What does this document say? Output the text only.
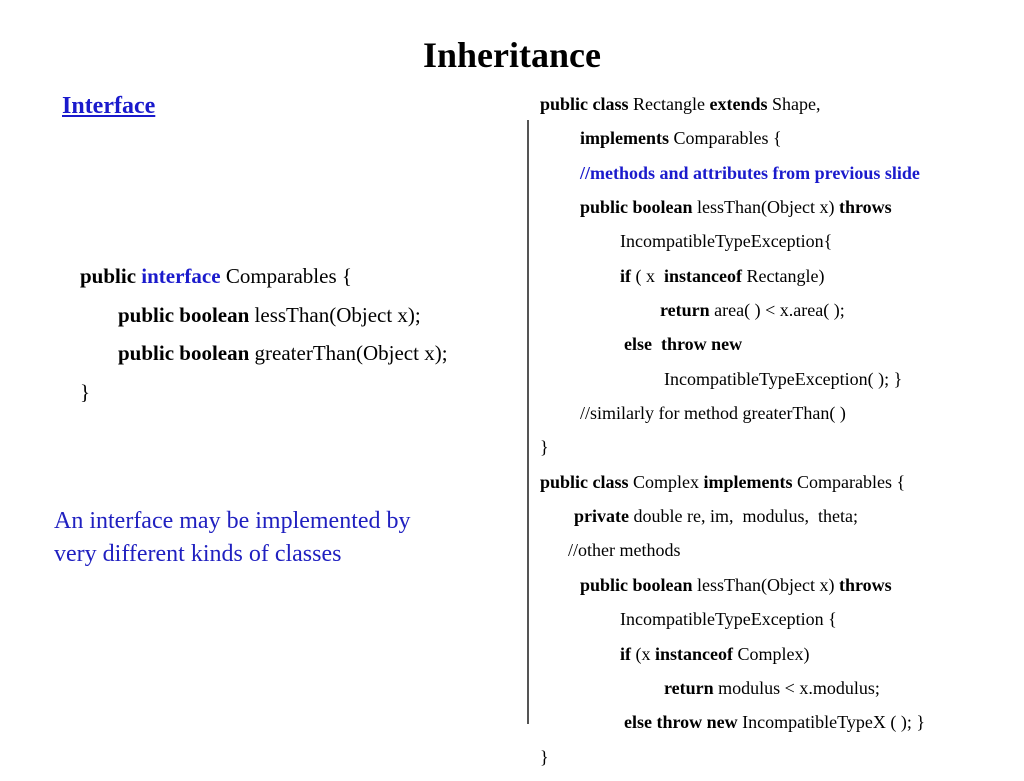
Inheritance
Interface
public interface Comparables {
public boolean lessThan(Object x);
public boolean greaterThan(Object x);
}
An interface may be implemented by
very different kinds of classes
public class Rectangle extends Shape,
implements Comparables {
//methods and attributes from previous slide
public boolean lessThan(Object x) throws
IncompatibleTypeException{
if ( x  instanceof Rectangle)
return area( ) < x.area( );
else  throw new
IncompatibleTypeException( ); }
//similarly for method greaterThan( )
}
public class Complex implements Comparables {
private double re, im,  modulus,  theta;
//other methods
public boolean lessThan(Object x) throws
IncompatibleTypeException {
if (x instanceof Complex)
return modulus < x.modulus;
else throw new IncompatibleTypeX ( ); }
}
